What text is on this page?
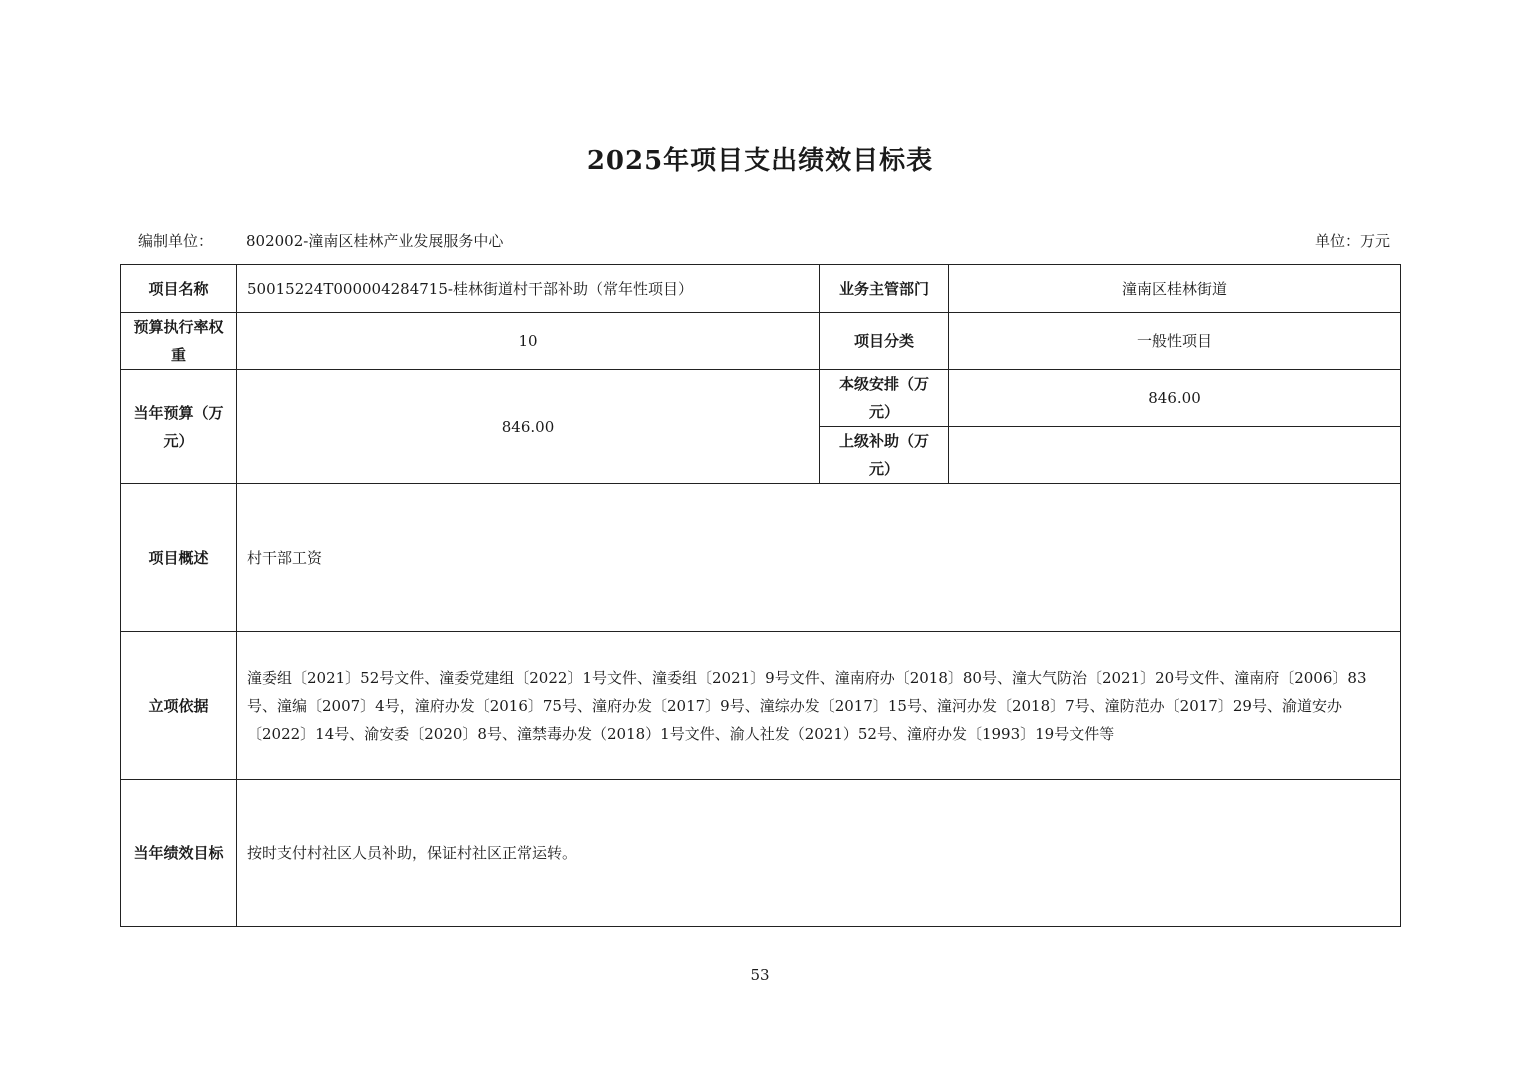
2025年项目支出绩效目标表
编制单位： 802002-潼南区桂林产业发展服务中心	单位：万元
项目名称	50015224T000004284715-桂林街道村干部补助（常年性项目）	业务主管部门	潼南区桂林街道
预算执行率权重	10	项目分类	一般性项目
当年预算（万元）	846.00	本级安排（万元）	846.00
		上级补助（万元）	
项目概述	村干部工资		
立项依据	潼委组〔2021〕52号文件、潼委党建组〔2022〕1号文件、潼委组〔2021〕9号文件、潼南府办〔2018〕80号、潼大气防治〔2021〕20号文件、潼南府〔2006〕83号、潼编〔2007〕4号，潼府办发〔2016〕75号、潼府办发〔2017〕9号、潼综办发〔2017〕15号、潼河办发〔2018〕7号、潼防范办〔2017〕29号、渝道安办〔2022〕14号、渝安委〔2020〕8号、潼禁毒办发（2018）1号文件、渝人社发（2021）52号、潼府办发〔1993〕19号文件等		
当年绩效目标	按时支付村社区人员补助，保证村社区正常运转。		
53
